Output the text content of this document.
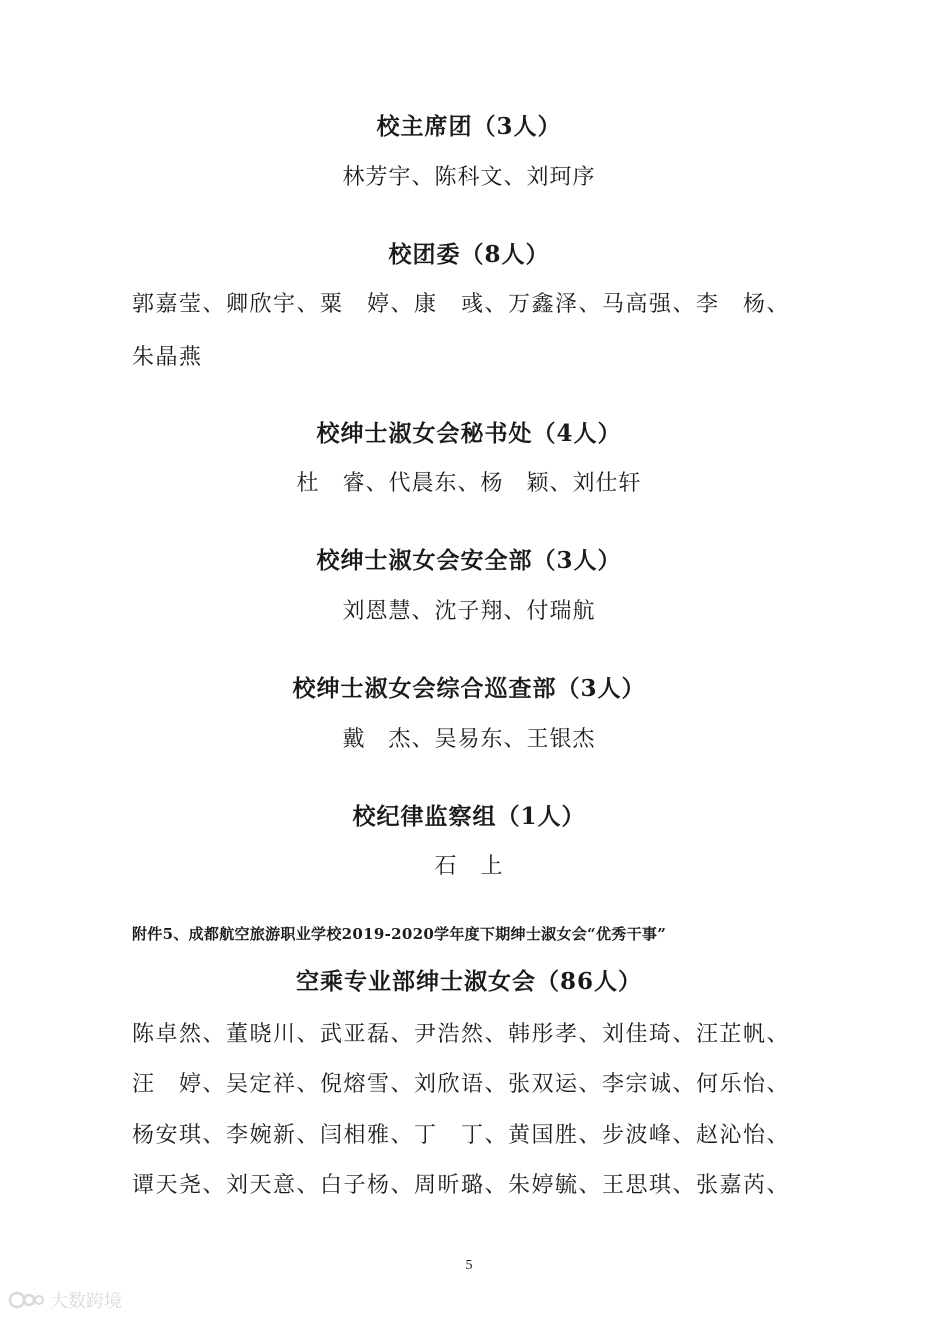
校主席团（3人）
林芳宇、陈科文、刘珂序
校团委（8人）
郭嘉莹、卿欣宇、粟　婷、康　彧、万鑫泽、马高强、李　杨、
朱晶燕
校绅士淑女会秘书处（4人）
杜　睿、代晨东、杨　颖、刘仕轩
校绅士淑女会安全部（3人）
刘恩慧、沈子翔、付瑞航
校绅士淑女会综合巡查部（3人）
戴　杰、吴易东、王银杰
校纪律监察组（1人）
石　上
附件5、成都航空旅游职业学校2019-2020学年度下期绅士淑女会“优秀干事”
空乘专业部绅士淑女会（86人）
陈卓然、董晓川、武亚磊、尹浩然、韩彤孝、刘佳琦、汪芷帆、
汪　婷、吴定祥、倪熔雪、刘欣语、张双运、李宗诚、何乐怡、
杨安琪、李婉新、闫相雅、丁　丁、黄国胜、步波峰、赵沁怡、
谭天尧、刘天意、白子杨、周昕璐、朱婷毓、王思琪、张嘉芮、
5
大数跨境
